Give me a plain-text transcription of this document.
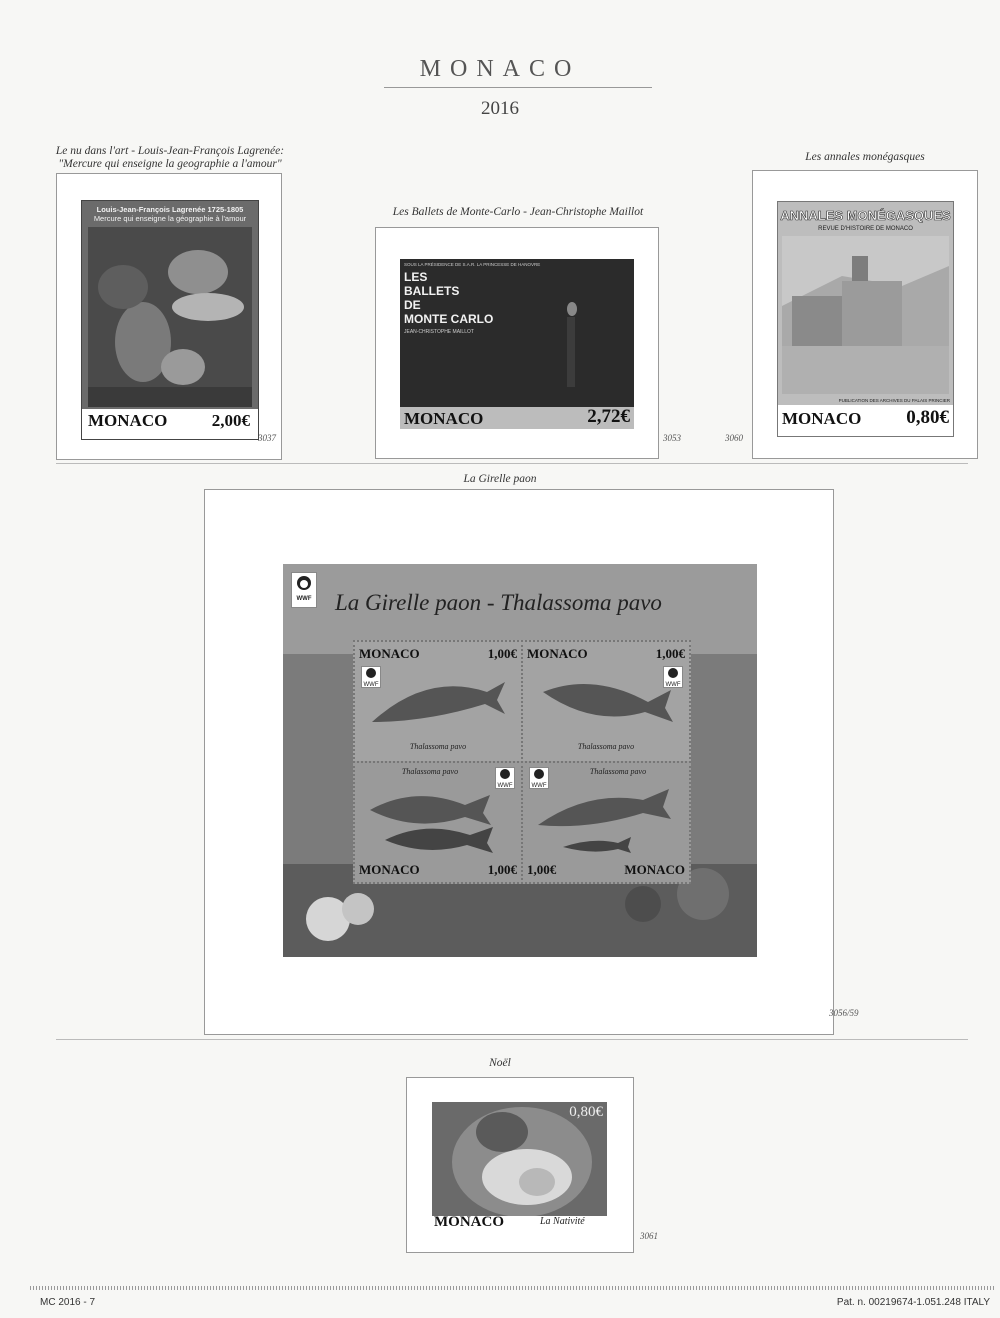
MONACO
2016
Le nu dans l'art - Louis-Jean-François Lagrenée:
"Mercure qui enseigne la geographie a l'amour"
Louis-Jean-François Lagrenée 1725-1805
Mercure qui enseigne la géographie à l'amour
MONACO	2,00€
3037
Les Ballets de Monte-Carlo - Jean-Christophe Maillot
SOUS LA PRÉSIDENCE DE S.A.R. LA PRINCESSE DE HANOVRE
LES
BALLETS
DE
MONTE CARLO
JEAN-CHRISTOPHE MAILLOT
MONACO	2,72€
3053
Les annales monégasques
3060
ANNALES MONÉGASQUES
REVUE D'HISTOIRE DE MONACO
PUBLICATION DES ARCHIVES DU PALAIS PRINCIER
MONACO 0,80€
La Girelle paon
WWF La Girelle paon - Thalassoma pavo
MONACO	1,00€
WWF
Thalassoma pavo
MONACO	1,00€
WWF
Thalassoma pavo
Thalassoma pavo
WWF
MONACO	1,00€
WWF
Thalassoma pavo
1,00€	MONACO
3056/59
Noël
0,80€
MONACO	La Nativité
3061
MC 2016 - 7	Pat. n. 00219674-1.051.248 ITALY
